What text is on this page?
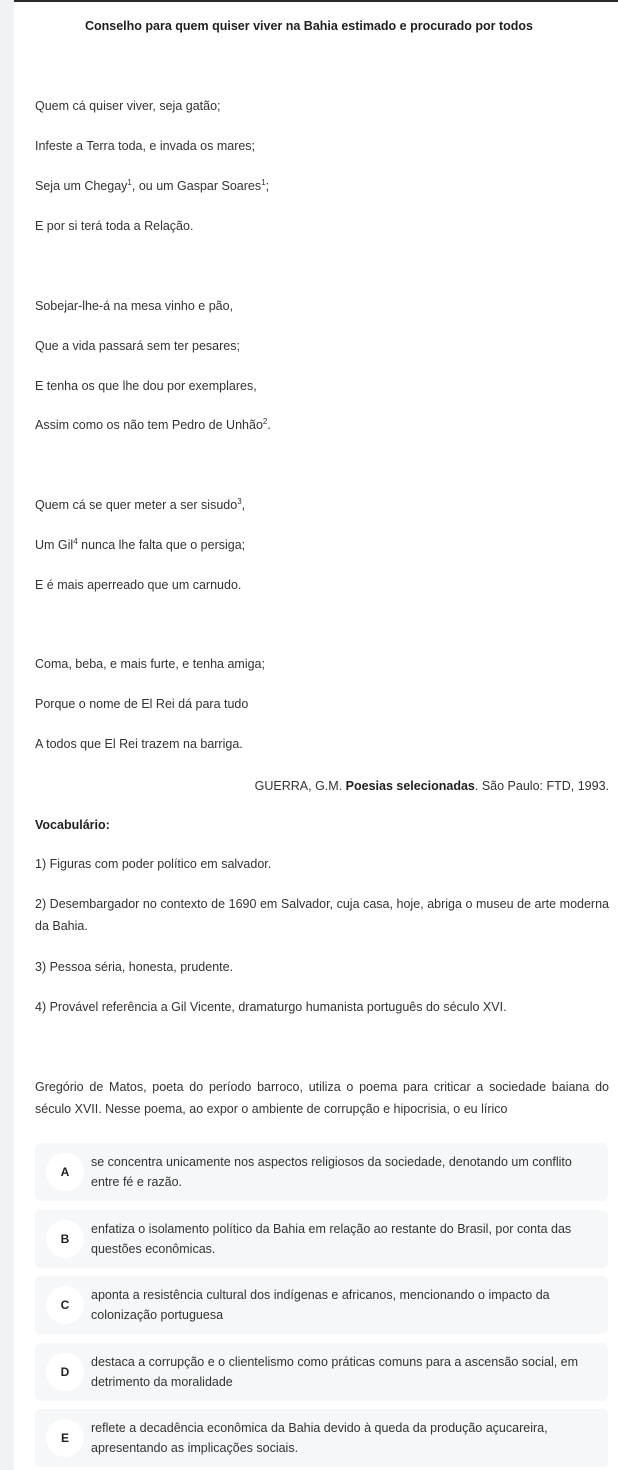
Conselho para quem quiser viver na Bahia estimado e procurado por todos
Quem cá quiser viver, seja gatão;
Infeste a Terra toda, e invada os mares;
Seja um Chegay$^1$, ou um Gaspar Soares$^1$;
E por si terá toda a Relação.
Sobejar-lhe-á na mesa vinho e pão,
Que a vida passará sem ter pesares;
E tenha os que lhe dou por exemplares,
Assim como os não tem Pedro de Unhão$^2$.
Quem cá se quer meter a ser sisudo$^3$,
Um Gil$^4$ nunca lhe falta que o persiga;
E é mais aperreado que um carnudo.
Coma, beba, e mais furte, e tenha amiga;
Porque o nome de El Rei dá para tudo
A todos que El Rei trazem na barriga.
GUERRA, G.M. Poesias selecionadas. São Paulo: FTD, 1993.
Vocabulário:
1) Figuras com poder político em salvador.
2) Desembargador no contexto de 1690 em Salvador, cuja casa, hoje, abriga o museu de arte moderna da Bahia.
3) Pessoa séria, honesta, prudente.
4) Provável referência a Gil Vicente, dramaturgo humanista português do século XVI.
Gregório de Matos, poeta do período barroco, utiliza o poema para criticar a sociedade baiana do século XVII. Nesse poema, ao expor o ambiente de corrupção e hipocrisia, o eu lírico
A
se concentra unicamente nos aspectos religiosos da sociedade, denotando um conflito entre fé e razão.
B
enfatiza o isolamento político da Bahia em relação ao restante do Brasil, por conta das questões econômicas.
C
aponta a resistência cultural dos indígenas e africanos, mencionando o impacto da colonização portuguesa
D
destaca a corrupção e o clientelismo como práticas comuns para a ascensão social, em detrimento da moralidade
E
reflete a decadência econômica da Bahia devido à queda da produção açucareira, apresentando as implicações sociais.
